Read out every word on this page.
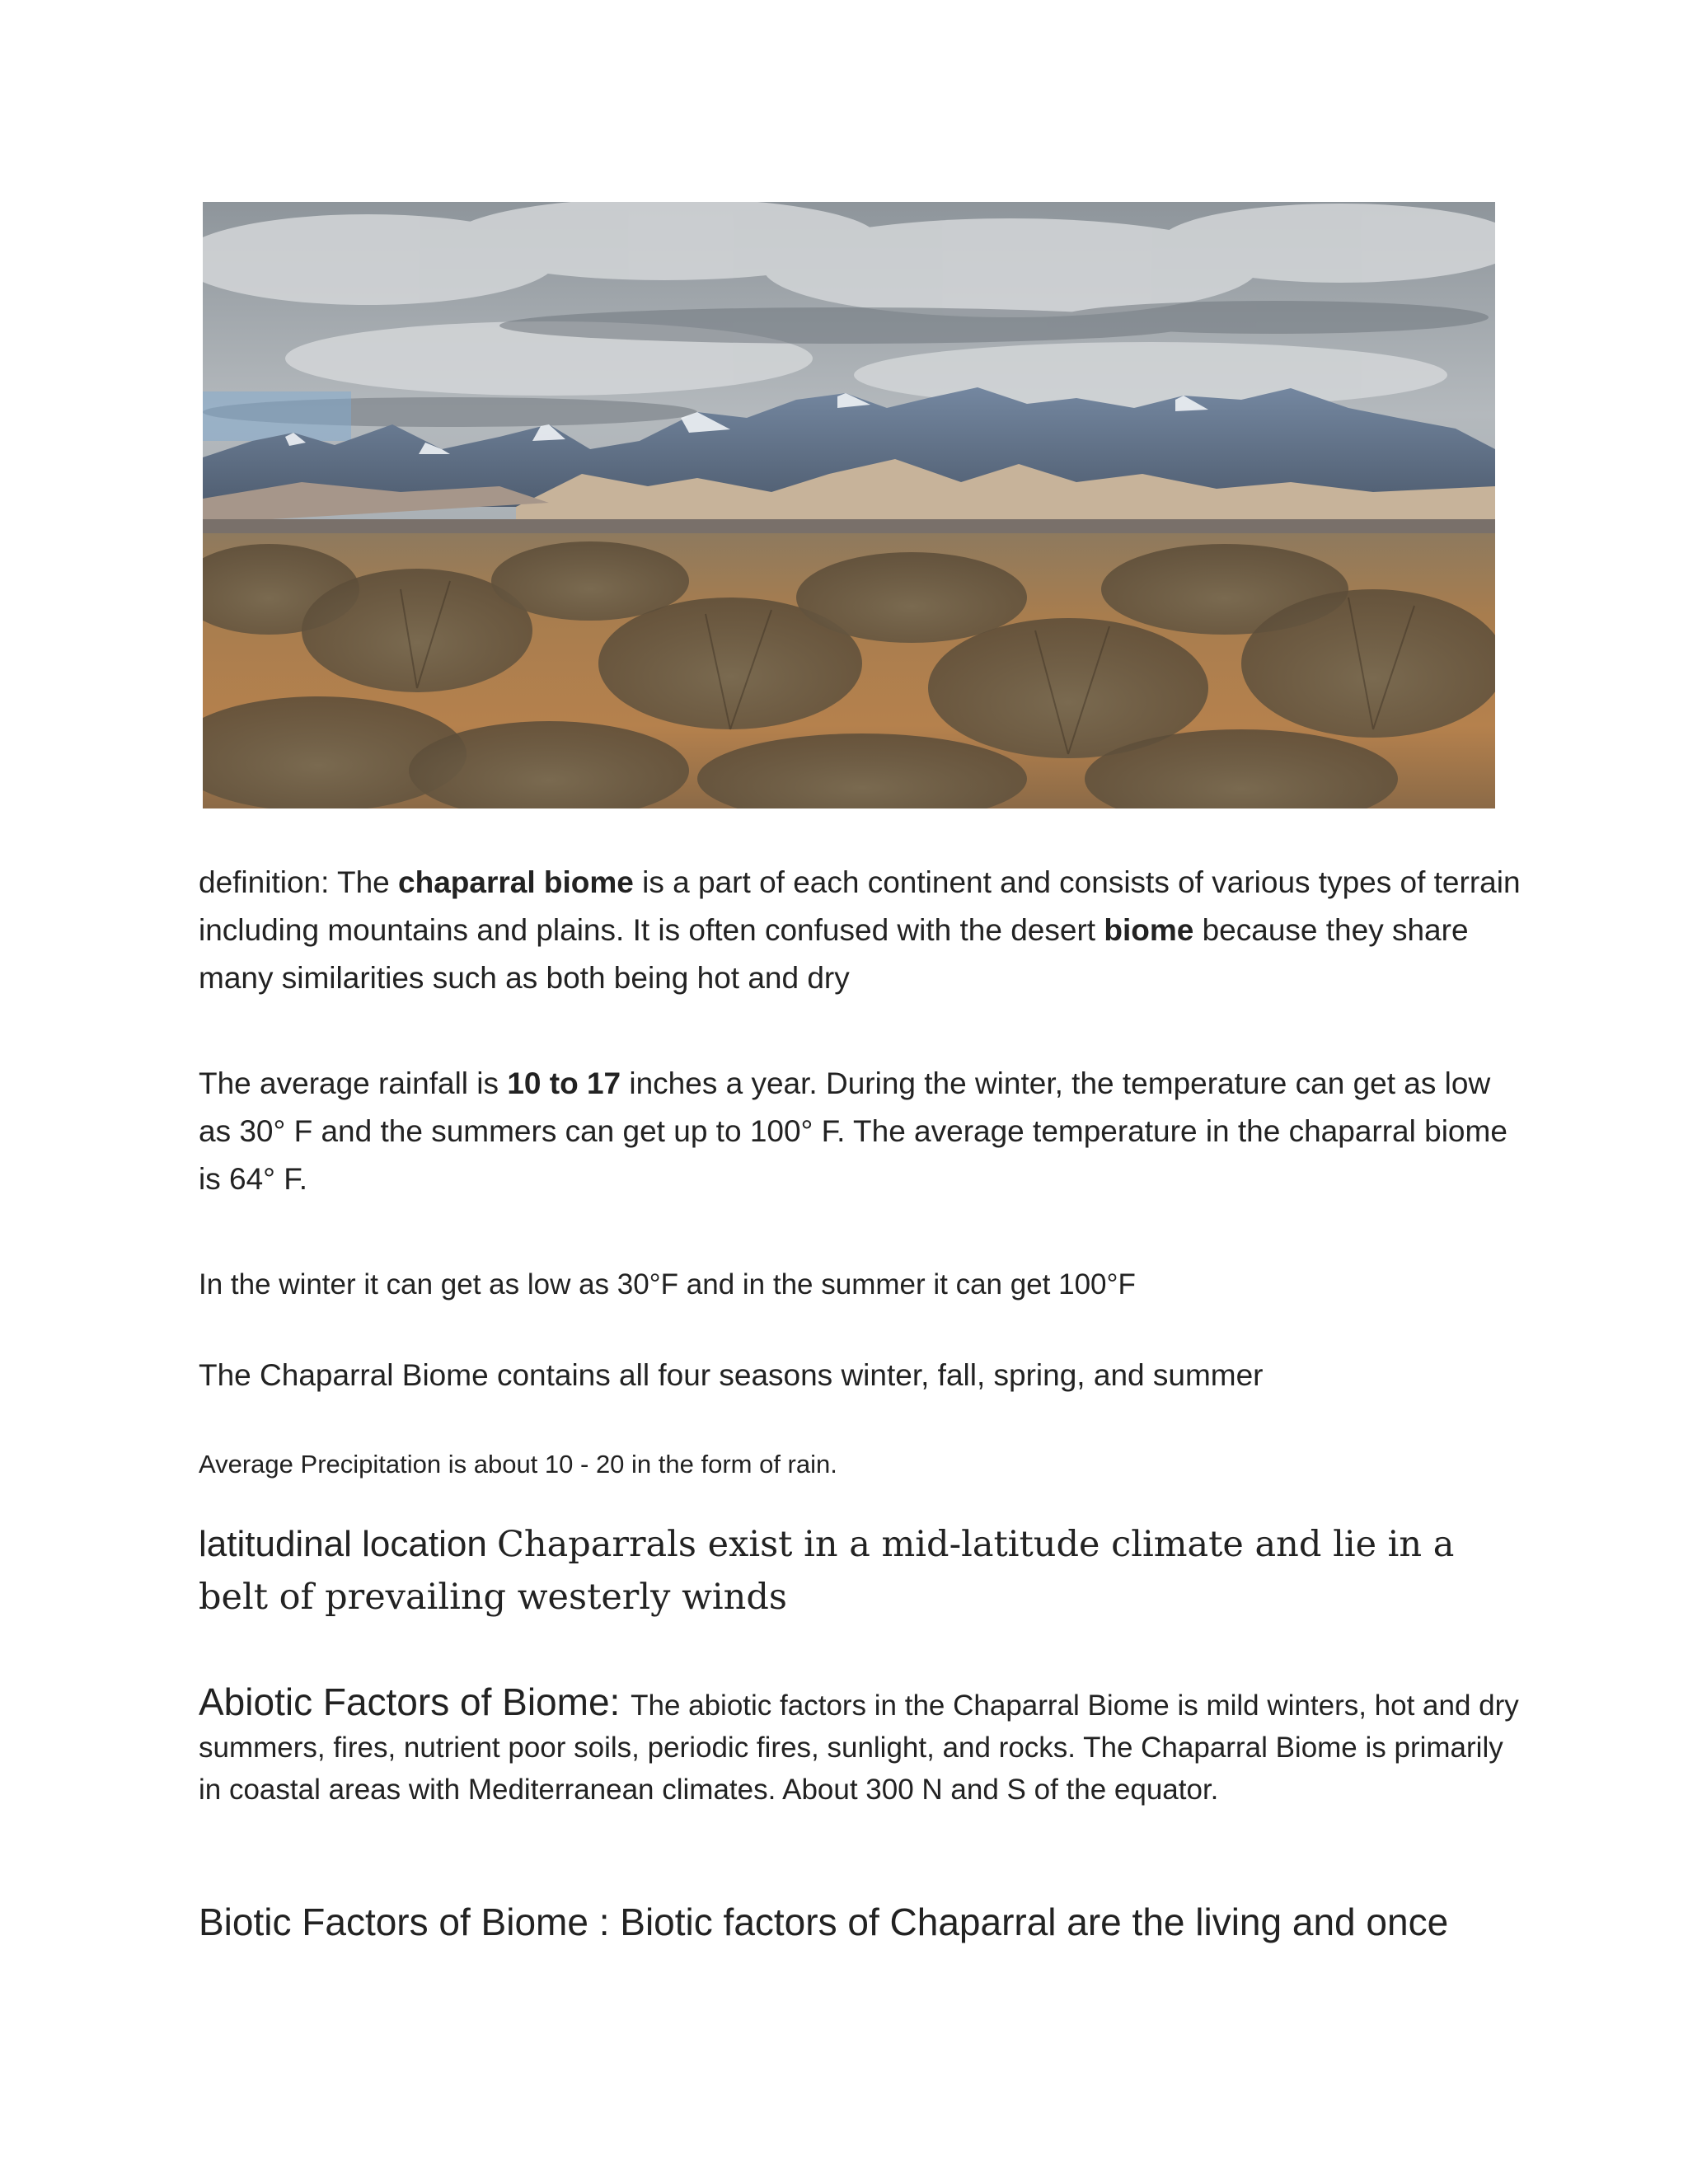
definition: The chaparral biome is a part of each continent and consists of various types of terrain including mountains and plains. It is often confused with the desert biome because they share many similarities such as both being hot and dry

The average rainfall is 10 to 17 inches a year. During the winter, the temperature can get as low as 30° F and the summers can get up to 100° F. The average temperature in the chaparral biome is 64° F.

In the winter it can get as low as 30°F and in the summer it can get 100°F

The Chaparral Biome contains all four seasons winter, fall, spring, and summer

Average Precipitation is about 10 - 20 in the form of rain.

latitudinal location Chaparrals exist in a mid-latitude climate and lie in a belt of prevailing westerly winds

Abiotic Factors of Biome: The abiotic factors in the Chaparral Biome is mild winters, hot and dry summers, fires, nutrient poor soils, periodic fires, sunlight, and rocks. The Chaparral Biome is primarily in coastal areas with Mediterranean climates. About 300 N and S of the equator.

Biotic Factors of Biome : Biotic factors of Chaparral are the living and once
